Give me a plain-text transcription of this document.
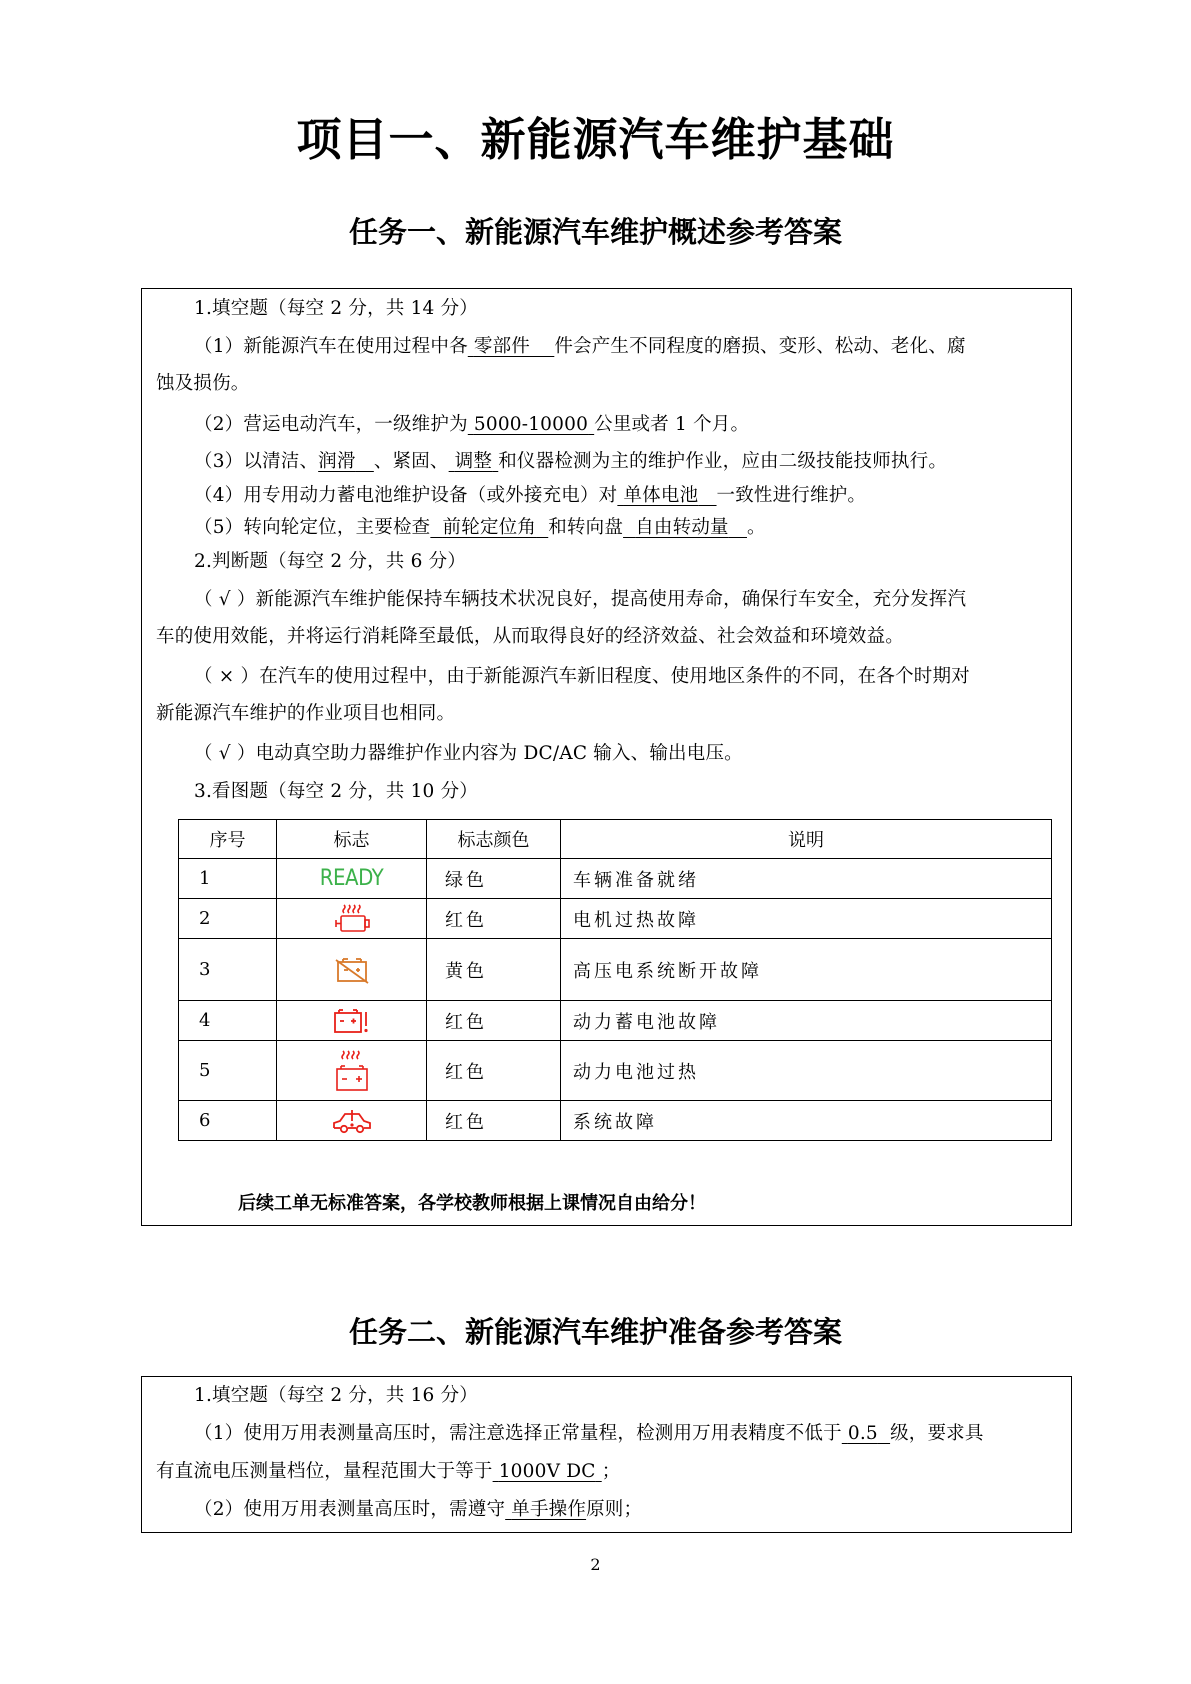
项目一、新能源汽车维护基础
任务一、新能源汽车维护概述参考答案
1.填空题（每空 2 分，共 14 分）
（1）新能源汽车在使用过程中各 零部件 件会产生不同程度的磨损、变形、松动、老化、腐
蚀及损伤。
（2）营运电动汽车，一级维护为 5000-10000 公里或者 1 个月。
（3）以清洁、润滑 、紧固、 调整 和仪器检测为主的维护作业，应由二级技能技师执行。
（4）用专用动力蓄电池维护设备（或外接充电）对 单体电池 一致性进行维护。
（5）转向轮定位，主要检查 前轮定位角 和转向盘 自由转动量 。
2.判断题（每空 2 分，共 6 分）
（ √ ）新能源汽车维护能保持车辆技术状况良好，提高使用寿命，确保行车安全，充分发挥汽
车的使用效能，并将运行消耗降至最低，从而取得良好的经济效益、社会效益和环境效益。
（ × ）在汽车的使用过程中，由于新能源汽车新旧程度、使用地区条件的不同，在各个时期对
新能源汽车维护的作业项目也相同。
（ √ ）电动真空助力器维护作业内容为 DC/AC 输入、输出电压。
3.看图题（每空 2 分，共 10 分）
序号	标志	标志颜色	说明
1	READY	绿色	车辆准备就绪
2		红色	电机过热故障
3		黄色	高压电系统断开故障
4		红色	动力蓄电池故障
5		红色	动力电池过热
6		红色	系统故障
后续工单无标准答案，各学校教师根据上课情况自由给分！
任务二、新能源汽车维护准备参考答案
1.填空题（每空 2 分，共 16 分）
（1）使用万用表测量高压时，需注意选择正常量程，检测用万用表精度不低于 0.5 级，要求具
有直流电压测量档位，量程范围大于等于 1000V DC ；
（2）使用万用表测量高压时，需遵守 单手操作原则；
2
